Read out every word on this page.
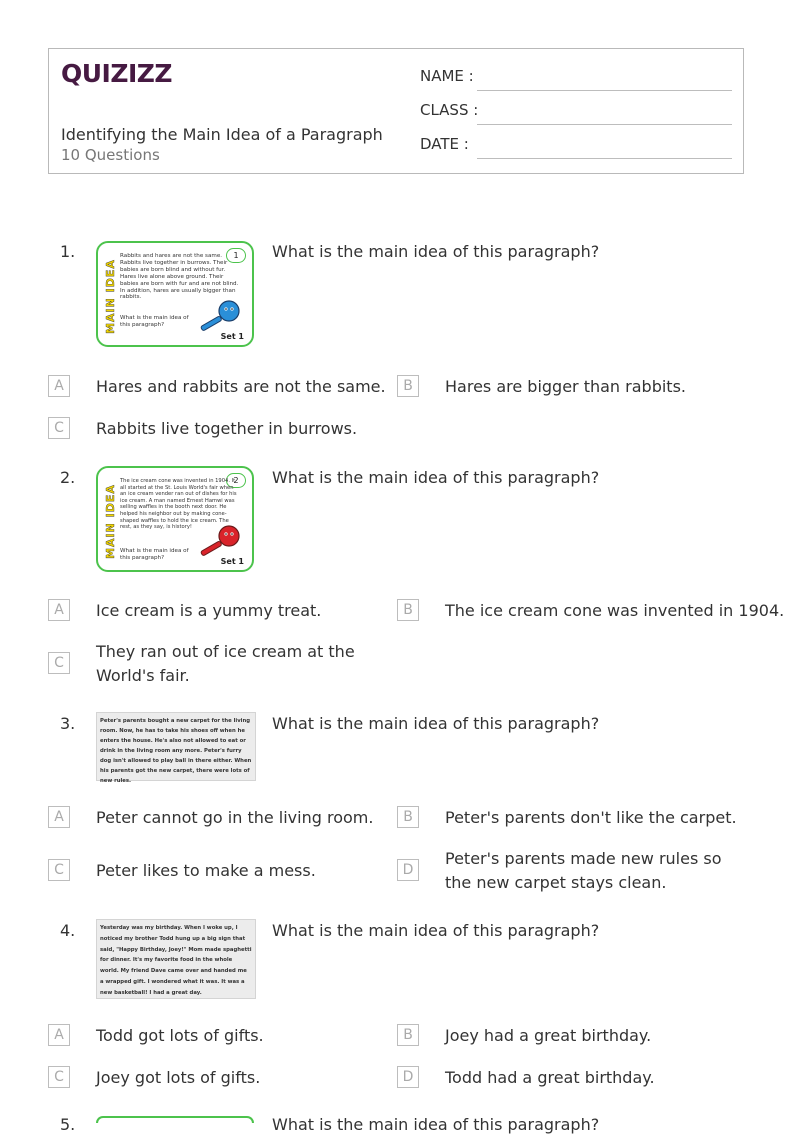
QUIZIZZ
Identifying the Main Idea of a Paragraph
10 Questions
NAME :
CLASS :
DATE :
1.
MAIN IDEA
1
Rabbits and hares are not the same. Rabbits live together in burrows. Their babies are born blind and without fur. Hares live alone above ground. Their babies are born with fur and are not blind. In addition, hares are usually bigger than rabbits.
What is the main idea of this paragraph?
Set 1
What is the main idea of this paragraph?
A	Hares and rabbits are not the same.	B	Hares are bigger than rabbits.
C	Rabbits live together in burrows.
2.
MAIN IDEA
2
The ice cream cone was invented in 1904. It all started at the St. Louis World's fair when an ice cream vender ran out of dishes for his ice cream. A man named Ernest Hamwi was selling waffles in the booth next door. He helped his neighbor out by making cone-shaped waffles to hold the ice cream. The rest, as they say, is history!
What is the main idea of this paragraph?	Set 1
What is the main idea of this paragraph?
A	Ice cream is a yummy treat.	B	The ice cream cone was invented in 1904.
C
They ran out of ice cream at the World's fair.
3.	Peter's parents bought a new carpet for the living room. Now, he has to take his shoes off when he enters the house. He's also not allowed to eat or drink in the living room any more. Peter's furry dog isn't allowed to play ball in there either. When his parents got the new carpet, there were lots of new rules.
What is the main idea of this paragraph?
A	Peter cannot go in the living room.	B	Peter's parents don't like the carpet.
C	Peter likes to make a mess.	D
Peter's parents made new rules so the new carpet stays clean.
4.	Yesterday was my birthday. When I woke up, I noticed my brother Todd hung up a big sign that said, "Happy Birthday, Joey!" Mom made spaghetti for dinner. It's my favorite food in the whole world. My friend Dave came over and handed me a wrapped gift. I wondered what it was. It was a new basketball! I had a great day.
What is the main idea of this paragraph?
A	Todd got lots of gifts.	B	Joey had a great birthday.
C	Joey got lots of gifts.	D	Todd had a great birthday.
5.	What is the main idea of this paragraph?
